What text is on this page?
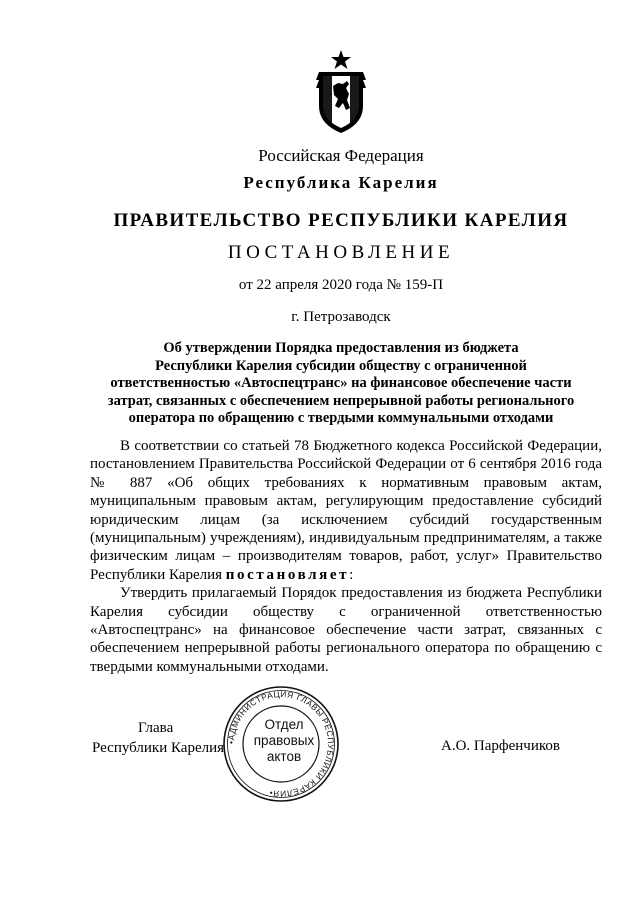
Российская Федерация
Республика Карелия
ПРАВИТЕЛЬСТВО РЕСПУБЛИКИ КАРЕЛИЯ
ПОСТАНОВЛЕНИЕ
от 22 апреля 2020 года № 159-П
г. Петрозаводск
Об утверждении Порядка предоставления из бюджета
Республики Карелия субсидии обществу с ограниченной
ответственностью «Автоспецтранс» на финансовое обеспечение части
затрат, связанных с обеспечением непрерывной работы регионального
оператора по обращению с твердыми коммунальными отходами

В соответствии со статьей 78 Бюджетного кодекса Российской Федерации, постановлением Правительства Российской Федерации от 6 сентября 2016 года № 887 «Об общих требованиях к нормативным правовым актам, муниципальным правовым актам, регулирующим предоставление субсидий юридическим лицам (за исключением субсидий государственным (муниципальным) учреждениям), индивидуальным предпринимателям, а также физическим лицам – производителям товаров, работ, услуг» Правительство Республики Карелия постановляет:

Утвердить прилагаемый Порядок предоставления из бюджета Республики Карелия субсидии обществу с ограниченной ответственностью «Автоспецтранс» на финансовое обеспечение части затрат, связанных с обеспечением непрерывной работы регионального оператора по обращению с твердыми коммунальными отходами.

Глава
Республики Карелия	А.О. Парфенчиков
•АДМИНИСТРАЦИЯ ГЛАВЫ РЕСПУБЛИКИ КАРЕЛИЯ•
Отдел
правовых
актов
